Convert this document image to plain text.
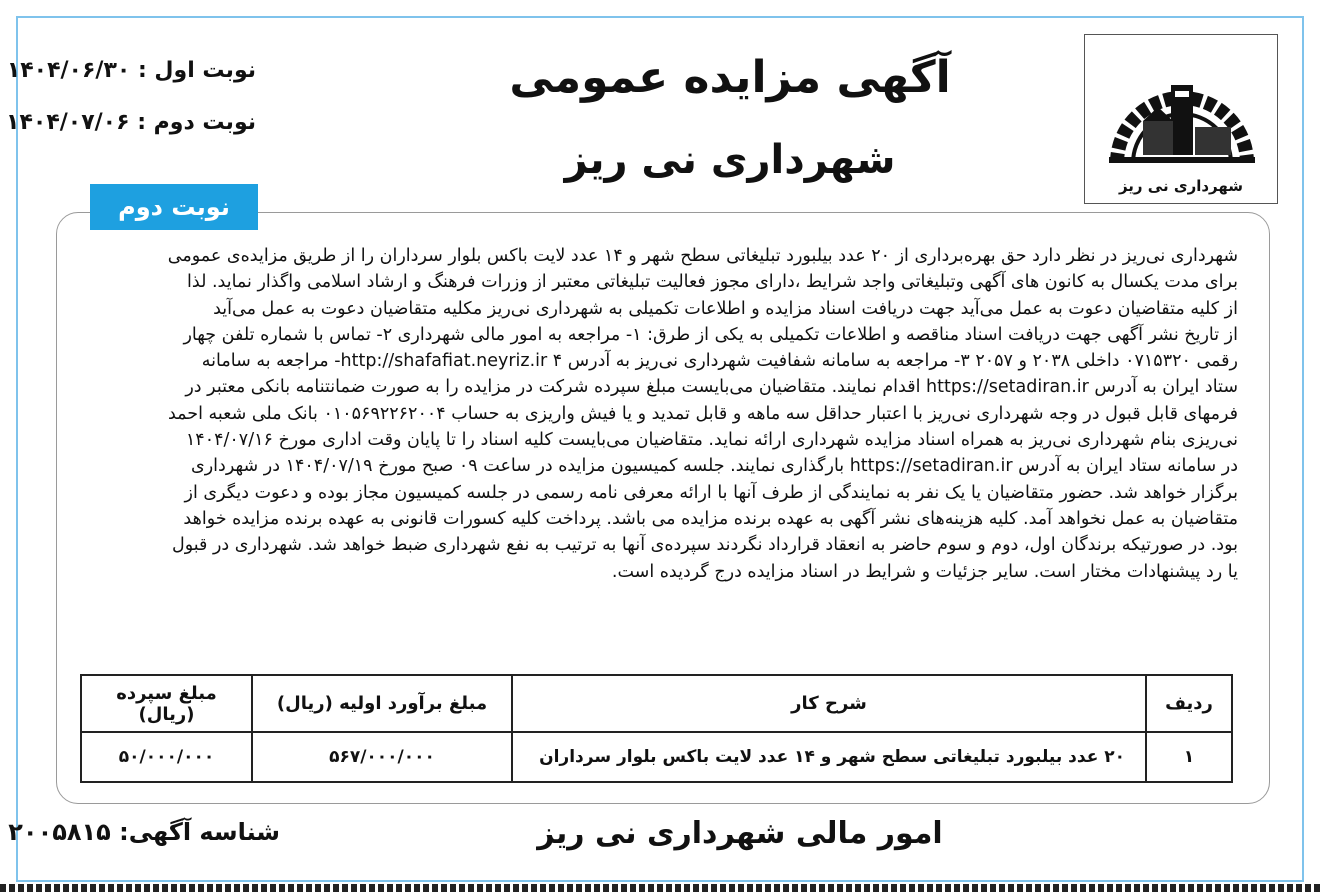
شهرداری نی ریز
آگهی مزایده عمومی
شهرداری نی ریز
نوبت اول : ۱۴۰۴/۰۶/۳۰
نوبت دوم : ۱۴۰۴/۰۷/۰۶
نوبت دوم
شهرداری نی‌ریز در نظر دارد حق بهره‌برداری از ۲۰ عدد بیلبورد تبلیغاتی سطح شهر و ۱۴ عدد لایت باکس بلوار سرداران را از طریق مزایده‌ی عمومی
برای مدت یکسال به کانون های آگهی وتبلیغاتی واجد شرایط ،دارای مجوز فعالیت تبلیغاتی معتبر از وزرات فرهنگ و ارشاد اسلامی واگذار نماید. لذا
از کلیه متقاضیان دعوت به عمل می‌آید جهت دریافت اسناد مزایده و اطلاعات تکمیلی به شهرداری نی‌ریز مکلیه متقاضیان دعوت به عمل می‌آید
از تاریخ نشر آگهی جهت دریافت اسناد مناقصه و اطلاعات تکمیلی به یکی از طرق: ۱- مراجعه به امور مالی شهرداری ۲- تماس با شماره تلفن چهار
رقمی ۰۷۱۵۳۲۰ داخلی ۲۰۳۸ و ۲۰۵۷ ۳- مراجعه به سامانه شفافیت شهرداری نی‌ریز به آدرس http://shafafiat.neyriz.ir ۴- مراجعه به سامانه
ستاد ایران به آدرس https://setadiran.ir اقدام نمایند. متقاضیان می‌بایست مبلغ سپرده شرکت در مزایده را به صورت ضمانتنامه بانکی معتبر در
فرمهای قابل قبول در وجه شهرداری نی‌ریز با اعتبار حداقل سه ماهه و قابل تمدید و یا فیش واریزی به حساب ۰۱۰۵۶۹۲۲۶۲۰۰۴ بانک ملی شعبه احمد
نی‌ریزی بنام شهرداری نی‌ریز به همراه اسناد مزایده شهرداری ارائه نماید. متقاضیان می‌بایست کلیه اسناد را تا پایان وقت اداری مورخ ۱۴۰۴/۰۷/۱۶
در سامانه ستاد ایران به آدرس https://setadiran.ir بارگذاری نمایند. جلسه کمیسیون مزایده در ساعت ۰۹ صبح مورخ ۱۴۰۴/۰۷/۱۹ در شهرداری
برگزار خواهد شد. حضور متقاضیان یا یک نفر به نمایندگی از طرف آنها با ارائه معرفی نامه رسمی در جلسه کمیسیون مجاز بوده و دعوت دیگری از
متقاضیان به عمل نخواهد آمد. کلیه هزینه‌های نشر آگهی به عهده برنده مزایده می باشد. پرداخت کلیه کسورات قانونی به عهده برنده مزایده خواهد
بود. در صورتیکه برندگان اول، دوم و سوم حاضر به انعقاد قرارداد نگردند سپرده‌ی آنها به ترتیب به نفع شهرداری ضبط خواهد شد. شهرداری در قبول
یا رد پیشنهادات مختار است. سایر جزئیات و شرایط در اسناد مزایده درج گردیده است.
ردیف	شرح کار	مبلغ برآورد اولیه (ریال)	مبلغ سپرده (ریال)
۱	۲۰ عدد بیلبورد تبلیغاتی سطح شهر و ۱۴ عدد لایت باکس بلوار سرداران	۵۶۷/۰۰۰/۰۰۰	۵۰/۰۰۰/۰۰۰
شناسه آگهی: ۲۰۰۵۸۱۵	امور مالی شهرداری نی ریز
